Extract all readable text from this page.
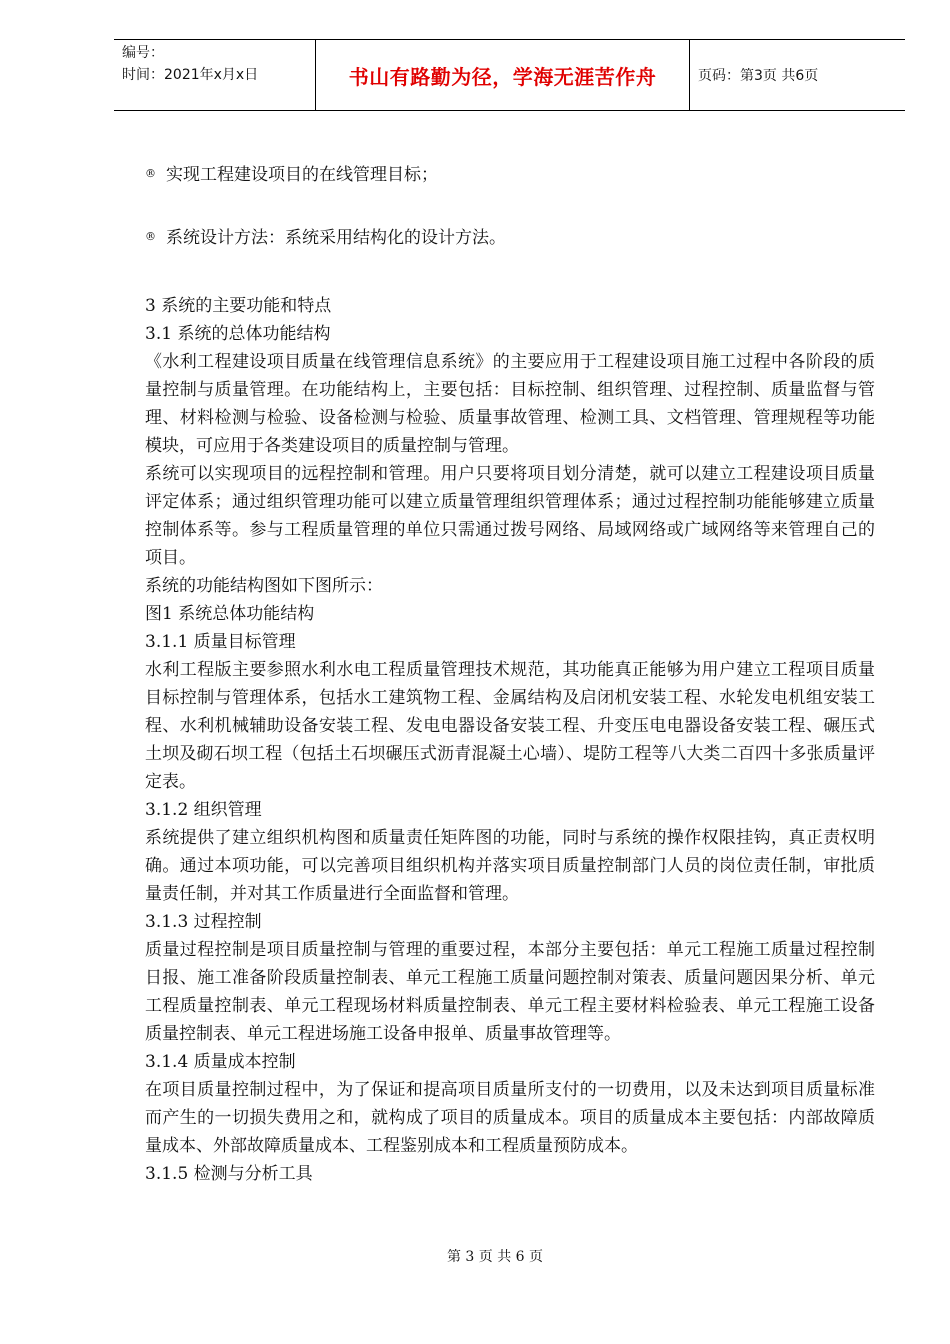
编号：
时间：2021年x月x日	书山有路勤为径，学海无涯苦作舟	页码：第3页 共6页
® 实现工程建设项目的在线管理目标；
® 系统设计方法：系统采用结构化的设计方法。
3 系统的主要功能和特点
3.1 系统的总体功能结构
《水利工程建设项目质量在线管理信息系统》的主要应用于工程建设项目施工过程中各阶段的质量控制与质量管理。在功能结构上，主要包括：目标控制、组织管理、过程控制、质量监督与管理、材料检测与检验、设备检测与检验、质量事故管理、检测工具、文档管理、管理规程等功能模块，可应用于各类建设项目的质量控制与管理。
系统可以实现项目的远程控制和管理。用户只要将项目划分清楚，就可以建立工程建设项目质量评定体系；通过组织管理功能可以建立质量管理组织管理体系；通过过程控制功能能够建立质量控制体系等。参与工程质量管理的单位只需通过拨号网络、局域网络或广域网络等来管理自己的项目。
系统的功能结构图如下图所示：
图1 系统总体功能结构
3.1.1 质量目标管理
水利工程版主要参照水利水电工程质量管理技术规范，其功能真正能够为用户建立工程项目质量目标控制与管理体系，包括水工建筑物工程、金属结构及启闭机安装工程、水轮发电机组安装工程、水利机械辅助设备安装工程、发电电器设备安装工程、升变压电电器设备安装工程、碾压式土坝及砌石坝工程（包括土石坝碾压式沥青混凝土心墙）、堤防工程等八大类二百四十多张质量评定表。
3.1.2 组织管理
系统提供了建立组织机构图和质量责任矩阵图的功能，同时与系统的操作权限挂钩，真正责权明确。通过本项功能，可以完善项目组织机构并落实项目质量控制部门人员的岗位责任制，审批质量责任制，并对其工作质量进行全面监督和管理。
3.1.3 过程控制
质量过程控制是项目质量控制与管理的重要过程，本部分主要包括：单元工程施工质量过程控制日报、施工准备阶段质量控制表、单元工程施工质量问题控制对策表、质量问题因果分析、单元工程质量控制表、单元工程现场材料质量控制表、单元工程主要材料检验表、单元工程施工设备质量控制表、单元工程进场施工设备申报单、质量事故管理等。
3.1.4 质量成本控制
在项目质量控制过程中，为了保证和提高项目质量所支付的一切费用，以及未达到项目质量标准而产生的一切损失费用之和，就构成了项目的质量成本。项目的质量成本主要包括：内部故障质量成本、外部故障质量成本、工程鉴别成本和工程质量预防成本。
3.1.5 检测与分析工具
第 3 页 共 6 页
